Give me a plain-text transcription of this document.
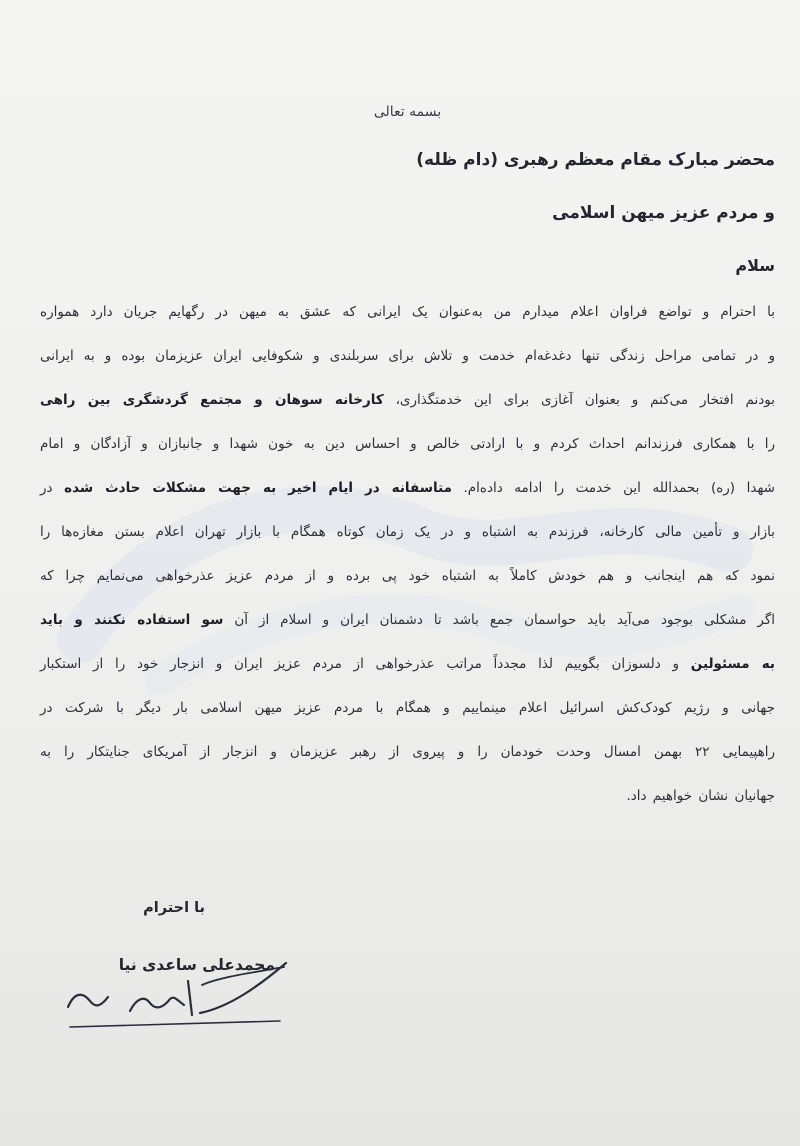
بسمه تعالی
محضر مبارک مقام معظم رهبری (دام ظله)
و مردم عزیز میهن اسلامی
سلام
با احترام و تواضع فراوان اعلام میدارم من به‌عنوان یک ایرانی که عشق به میهن در رگهایم جریان دارد همواره
و در تمامی مراحل زندگی تنها دغدغه‌ام خدمت و تلاش برای سربلندی و شکوفایی ایران عزیزمان بوده و به ایرانی
بودنم افتخار می‌کنم و بعنوان آغازی برای این خدمتگذاری، کارخانه سوهان و مجتمع گردشگری بین راهی
را با همکاری فرزندانم احداث کردم و با ارادتی خالص و احساس دین به خون شهدا و جانبازان و آزادگان و امام
شهدا (ره) بحمدالله این خدمت را ادامه داده‌ام. متاسفانه در ایام اخیر به جهت مشکلات حادث شده در
بازار و تأمین مالی کارخانه، فرزندم به اشتباه و در یک زمان کوتاه همگام با بازار تهران اعلام بستن مغازه‌ها را
نمود که هم اینجانب و هم خودش کاملاً به اشتباه خود پی برده و از مردم عزیز عذرخواهی می‌نمایم چرا که
اگر مشکلی بوجود می‌آید باید حواسمان جمع باشد تا دشمنان ایران و اسلام از آن سو استفاده نکنند و باید
به مسئولین و دلسوزان بگوییم لذا مجدداً مراتب عذرخواهی از مردم عزیز ایران و انزجار خود را از استکبار
جهانی و رژیم کودک‌کش اسرائیل اعلام مینماییم و همگام با مردم عزیز میهن اسلامی بار دیگر با شرکت در
راهپیمایی ۲۲ بهمن امسال وحدت خودمان را و پیروی از رهبر عزیزمان و انزجار از آمریکای جنایتکار را به
جهانیان نشان خواهیم داد.
با احترام
محمدعلی ساعدی نیا
